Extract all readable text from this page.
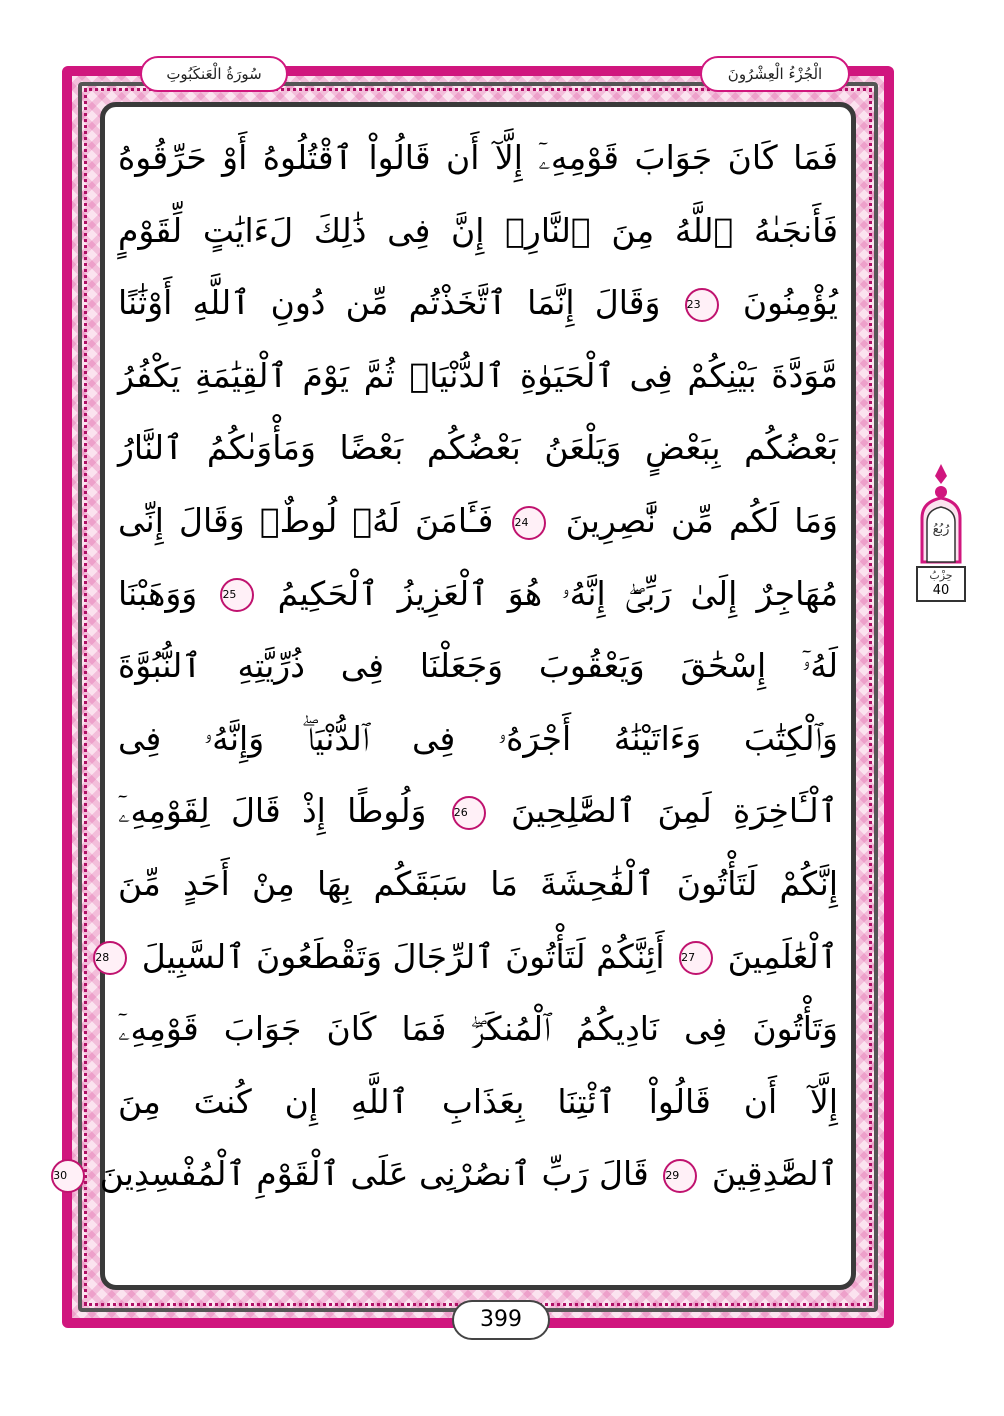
الْجُزْءُ الْعِشْرُونَ
سُورَةُ الْعَنكَبُوتِ
فَمَا كَانَ جَوَابَ قَوْمِهِۦٓ إِلَّآ أَن قَالُواْ ٱقْتُلُوهُ أَوْ حَرِّقُوهُ
فَأَنجَىٰهُ ٱللَّهُ مِنَ ٱلنَّارِۚ إِنَّ فِى ذَٰلِكَ لَءَايَٰتٍ لِّقَوْمٍ
يُؤْمِنُونَ 23 وَقَالَ إِنَّمَا ٱتَّخَذْتُم مِّن دُونِ ٱللَّهِ أَوْثَٰنًا
مَّوَدَّةَ بَيْنِكُمْ فِى ٱلْحَيَوٰةِ ٱلدُّنْيَاۖ ثُمَّ يَوْمَ ٱلْقِيَٰمَةِ يَكْفُرُ
بَعْضُكُم بِبَعْضٍ وَيَلْعَنُ بَعْضُكُم بَعْضًا وَمَأْوَىٰكُمُ ٱلنَّارُ
وَمَا لَكُم مِّن نَّٰصِرِينَ 24 فَـَٔامَنَ لَهُۥ لُوطٌۘ وَقَالَ إِنِّى
مُهَاجِرٌ إِلَىٰ رَبِّىٓۖ إِنَّهُۥ هُوَ ٱلْعَزِيزُ ٱلْحَكِيمُ 25 وَوَهَبْنَا
لَهُۥٓ إِسْحَٰقَ وَيَعْقُوبَ وَجَعَلْنَا فِى ذُرِّيَّتِهِ ٱلنُّبُوَّةَ
وَٱلْكِتَٰبَ وَءَاتَيْنَٰهُ أَجْرَهُۥ فِى ٱلدُّنْيَاۖ وَإِنَّهُۥ فِى
ٱلْـَٔاخِرَةِ لَمِنَ ٱلصَّٰلِحِينَ 26 وَلُوطًا إِذْ قَالَ لِقَوْمِهِۦٓ
إِنَّكُمْ لَتَأْتُونَ ٱلْفَٰحِشَةَ مَا سَبَقَكُم بِهَا مِنْ أَحَدٍ مِّنَ
ٱلْعَٰلَمِينَ 27 أَئِنَّكُمْ لَتَأْتُونَ ٱلرِّجَالَ وَتَقْطَعُونَ ٱلسَّبِيلَ 28
وَتَأْتُونَ فِى نَادِيكُمُ ٱلْمُنكَرَۖ فَمَا كَانَ جَوَابَ قَوْمِهِۦٓ
إِلَّآ أَن قَالُواْ ٱئْتِنَا بِعَذَابِ ٱللَّهِ إِن كُنتَ مِنَ
ٱلصَّٰدِقِينَ 29 قَالَ رَبِّ ٱنصُرْنِى عَلَى ٱلْقَوْمِ ٱلْمُفْسِدِينَ 30
رُبُعُ
حِزْبُ
40
399
